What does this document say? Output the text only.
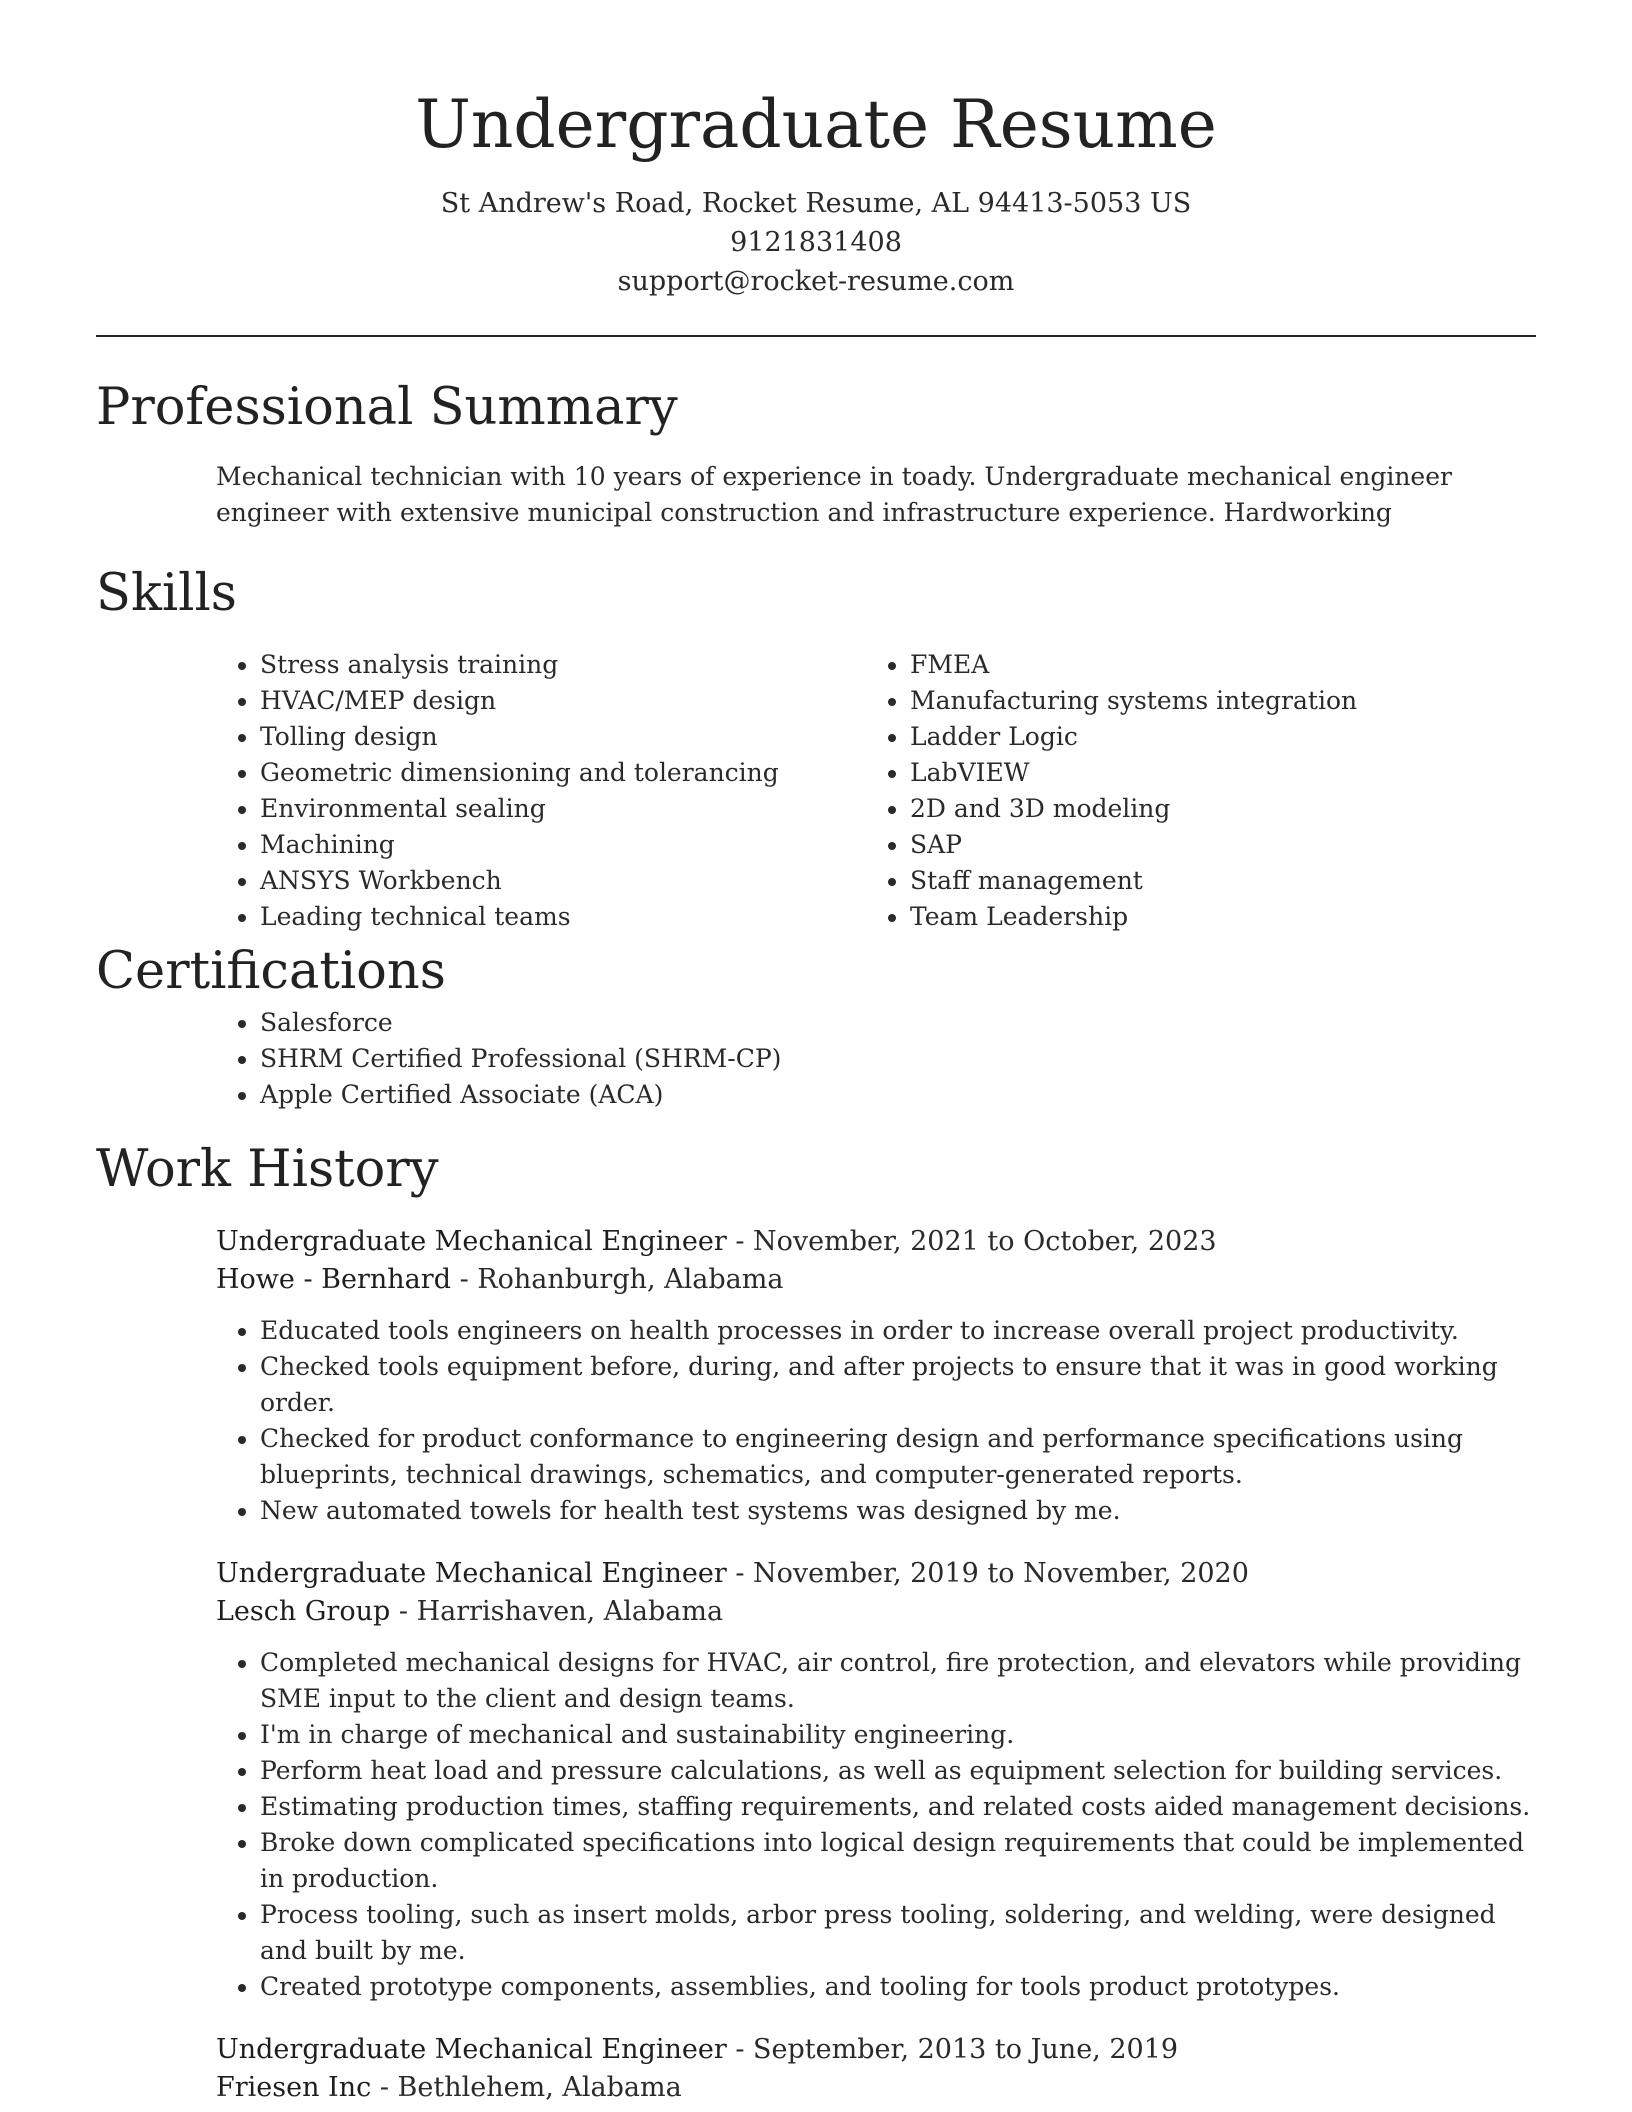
Undergraduate Resume

St Andrew's Road, Rocket Resume, AL 94413-5053 US

9121831408

support@rocket-resume.com

Professional Summary

Mechanical technician with 10 years of experience in toady. Undergraduate mechanical engineer engineer with extensive municipal construction and infrastructure experience. Hardworking

Skills
• Stress analysis training
• HVAC/MEP design
• Tolling design
• Geometric dimensioning and tolerancing
• Environmental sealing
• Machining
• ANSYS Workbench
• Leading technical teams
• FMEA
• Manufacturing systems integration
• Ladder Logic
• LabVIEW
• 2D and 3D modeling
• SAP
• Staff management
• Team Leadership
Certifications
• Salesforce
• SHRM Certified Professional (SHRM-CP)
• Apple Certified Associate (ACA)
Work History

Undergraduate Mechanical Engineer - November, 2021 to October, 2023

Howe - Bernhard - Rohanburgh, Alabama

• Educated tools engineers on health processes in order to increase overall project productivity.
• Checked tools equipment before, during, and after projects to ensure that it was in good working order.
• Checked for product conformance to engineering design and performance specifications using blueprints, technical drawings, schematics, and computer-generated reports.
• New automated towels for health test systems was designed by me.

Undergraduate Mechanical Engineer - November, 2019 to November, 2020

Lesch Group - Harrishaven, Alabama

• Completed mechanical designs for HVAC, air control, fire protection, and elevators while providing SME input to the client and design teams.
• I'm in charge of mechanical and sustainability engineering.
• Perform heat load and pressure calculations, as well as equipment selection for building services.
• Estimating production times, staffing requirements, and related costs aided management decisions.
• Broke down complicated specifications into logical design requirements that could be implemented in production.
• Process tooling, such as insert molds, arbor press tooling, soldering, and welding, were designed and built by me.
• Created prototype components, assemblies, and tooling for tools product prototypes.

Undergraduate Mechanical Engineer - September, 2013 to June, 2019

Friesen Inc - Bethlehem, Alabama
